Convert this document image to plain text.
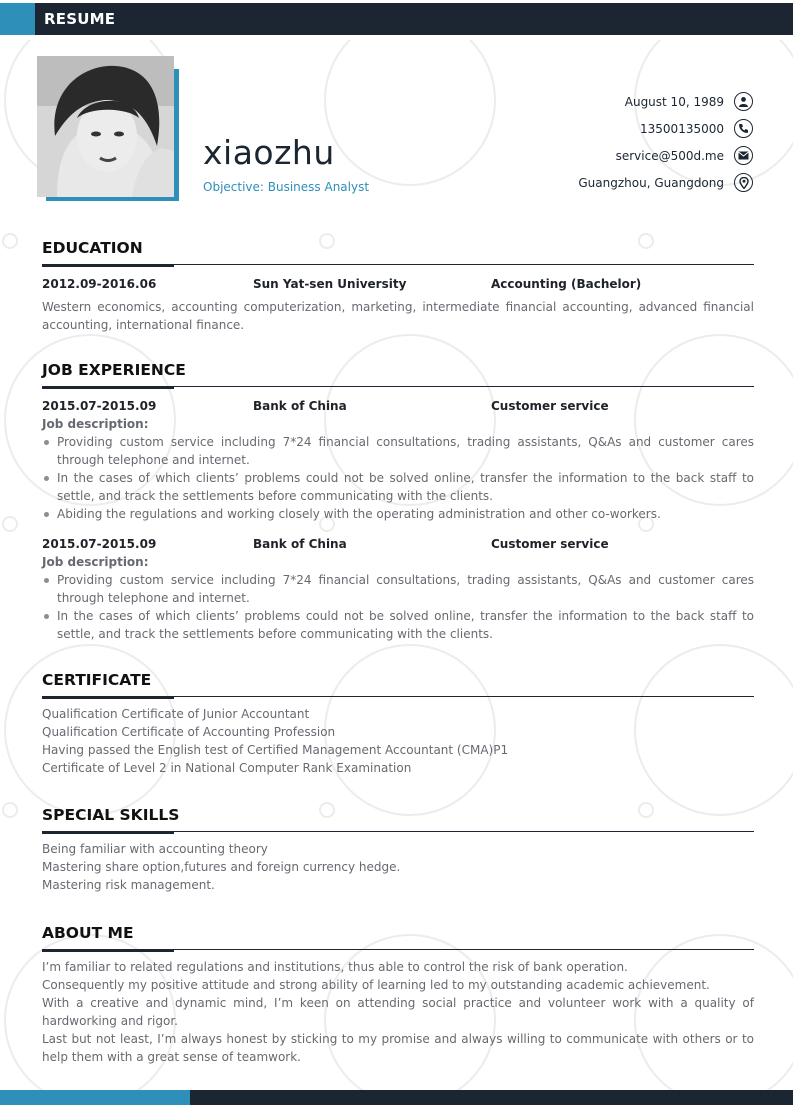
RESUME
xiaozhu
Objective: Business Analyst
August 10, 1989
13500135000
service@500d.me
Guangzhou, Guangdong
EDUCATION
2012.09-2016.06	Sun Yat-sen University	Accounting (Bachelor)
Western economics, accounting computerization, marketing, intermediate financial accounting, advanced financial accounting, international finance.
JOB EXPERIENCE
2015.07-2015.09	Bank of China	Customer service
Job description:
Providing custom service including 7*24 financial consultations, trading assistants, Q&As and customer cares through telephone and internet.
In the cases of which clients’ problems could not be solved online, transfer the information to the back staff to settle, and track the settlements before communicating with the clients.
Abiding the regulations and working closely with the operating administration and other co-workers.
2015.07-2015.09	Bank of China	Customer service
Job description:
Providing custom service including 7*24 financial consultations, trading assistants, Q&As and customer cares through telephone and internet.
In the cases of which clients’ problems could not be solved online, transfer the information to the back staff to settle, and track the settlements before communicating with the clients.
CERTIFICATE
Qualification Certificate of Junior Accountant
Qualification Certificate of Accounting Profession
Having passed the English test of Certified Management Accountant (CMA)P1
Certificate of Level 2 in National Computer Rank Examination
SPECIAL SKILLS
Being familiar with accounting theory
Mastering share option,futures and foreign currency hedge.
Mastering risk management.
ABOUT ME
I’m familiar to related regulations and institutions, thus able to control the risk of bank operation.
Consequently my positive attitude and strong ability of learning led to my outstanding academic achievement.
With a creative and dynamic mind, I’m keen on attending social practice and volunteer work with a quality of hardworking and rigor.
Last but not least, I’m always honest by sticking to my promise and always willing to communicate with others or to help them with a great sense of teamwork.
